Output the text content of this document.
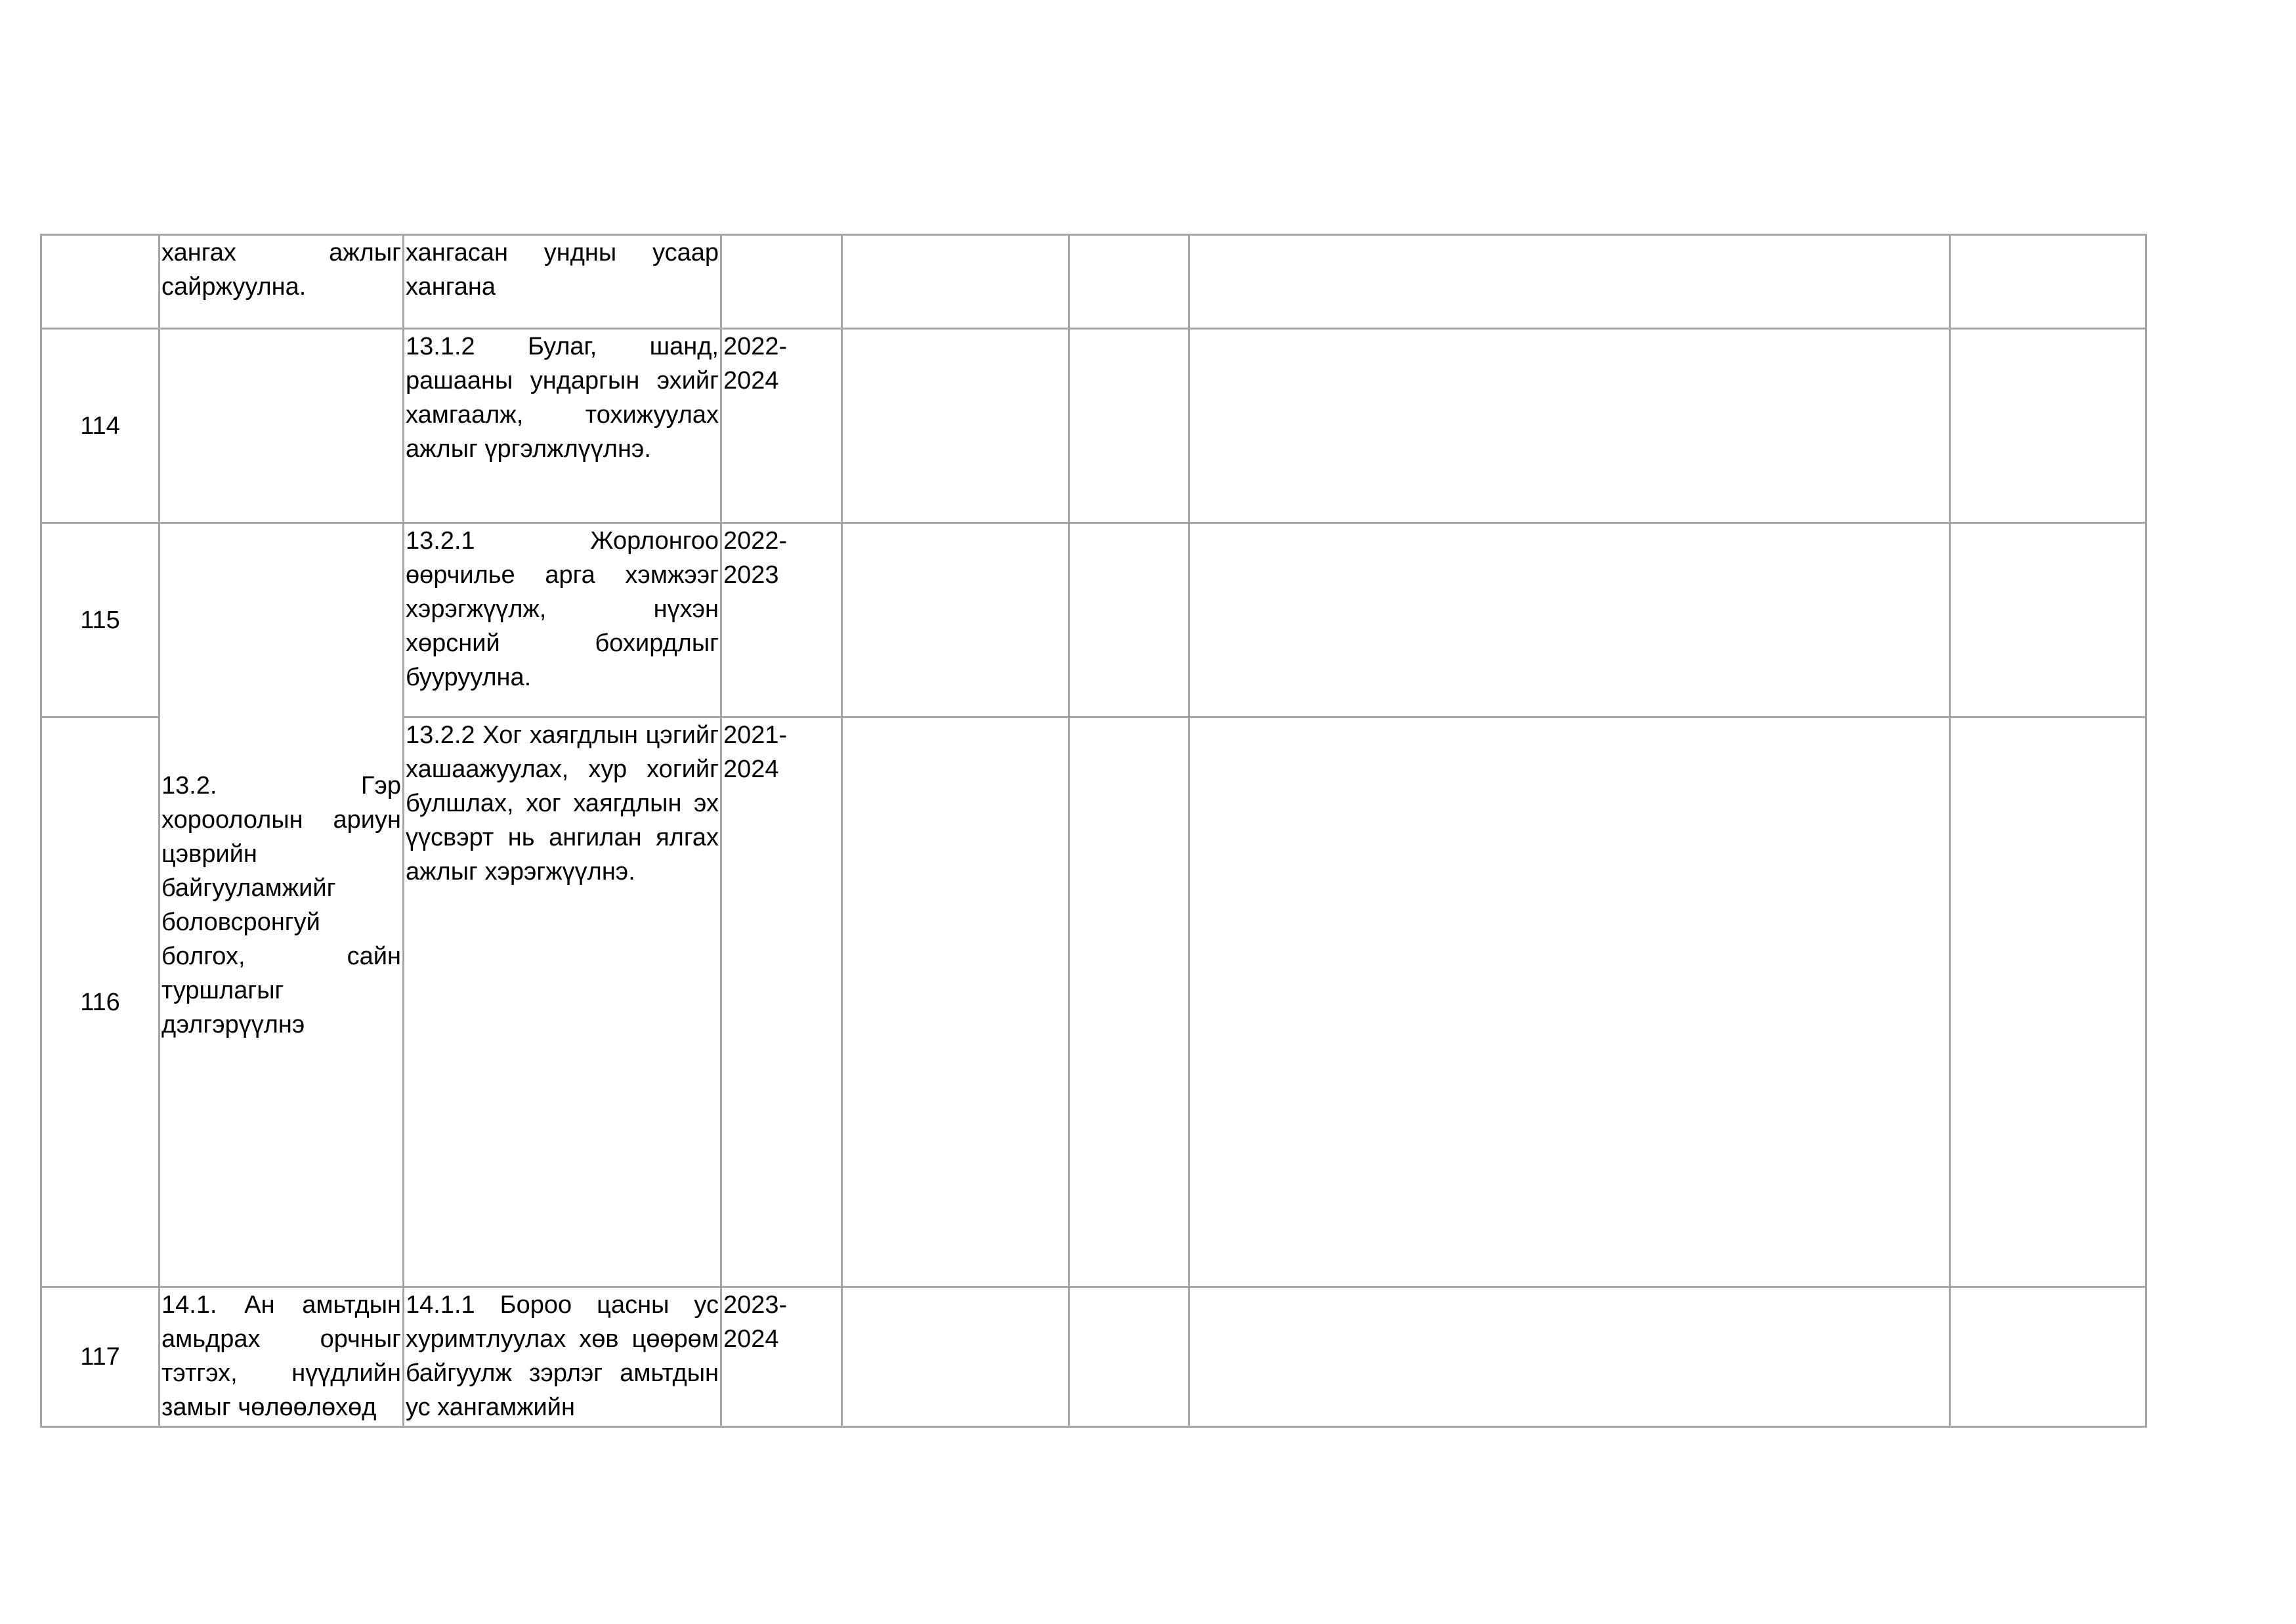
	хангах ажлыг сайржуулна.	хангасан ундны усаар хангана					

114		13.1.2 Булаг, шанд, рашааны ундаргын эхийг хамгаалж, тохижуулах ажлыг үргэлжлүүлнэ.	2022-2024				

115	13.2. Гэр хороололын ариун цэврийн байгууламжийг боловсронгуй болгох, сайн туршлагыг дэлгэрүүлнэ	13.2.1 Жорлонгоо өөрчилье арга хэмжээг хэрэгжүүлж, нүхэн хөрсний бохирдлыг бууруулна.	2022-2023				

116		13.2.2 Хог хаягдлын цэгийг хашаажуулах, хур хогийг булшлах, хог хаягдлын эх үүсвэрт нь ангилан ялгах ажлыг хэрэгжүүлнэ.	2021-2024				

117	14.1. Ан амьтдын амьдрах орчныг тэтгэх, нүүдлийн замыг чөлөөлөхөд	14.1.1 Бороо цасны ус хуримтлуулах хөв цөөрөм байгуулж зэрлэг амьтдын ус хангамжийн	2023-2024				
